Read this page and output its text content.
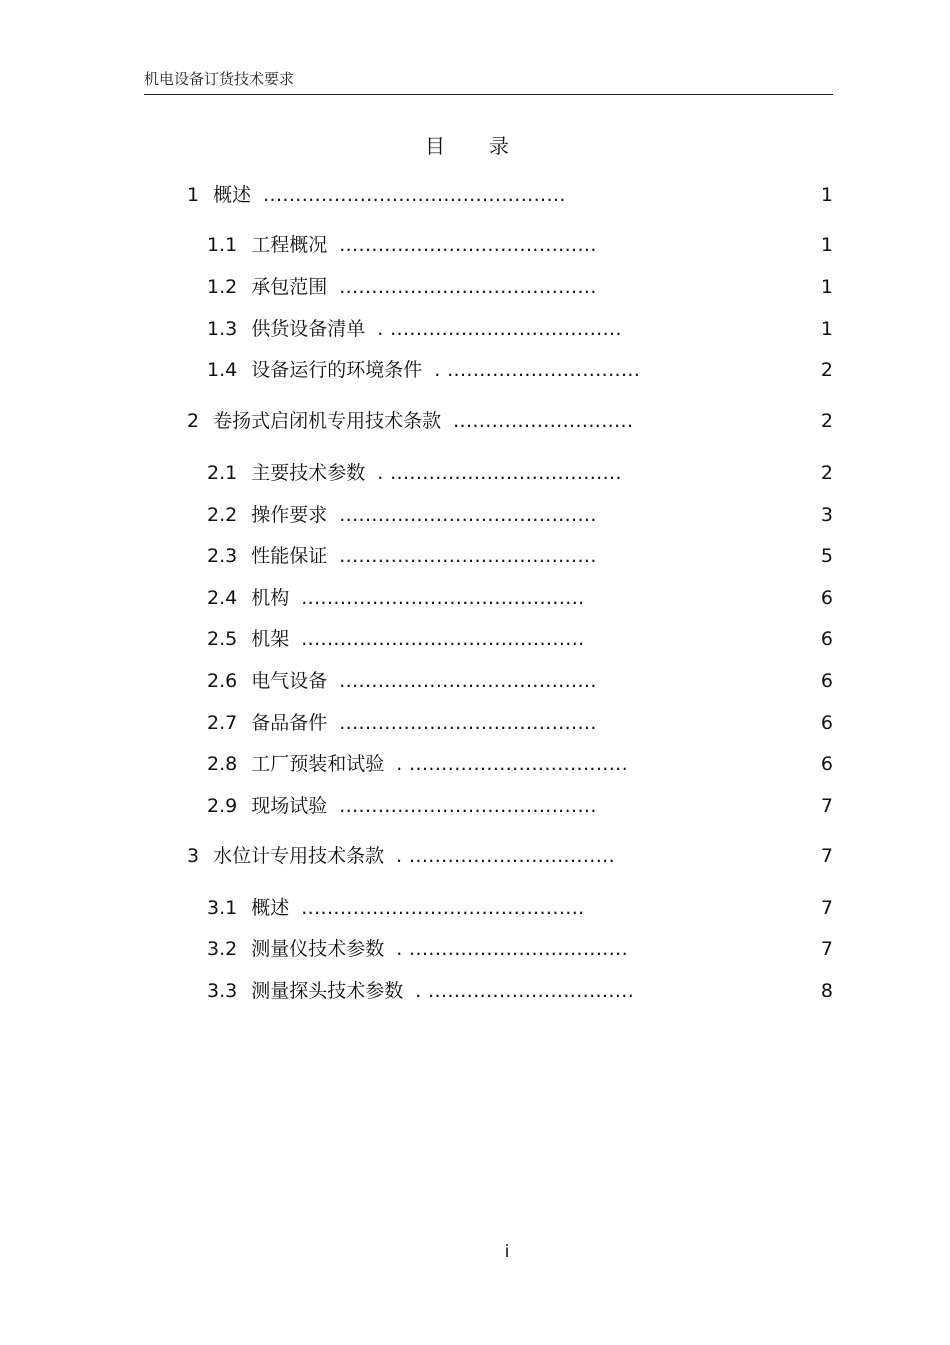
机电设备订货技术要求
目录
1 概述 ...............................................	1
1.1 工程概况 ........................................	1
1.2 承包范围 ........................................	1
1.3 供货设备清单 . ....................................	1
1.4 设备运行的环境条件 . ..............................	2
2 卷扬式启闭机专用技术条款 ............................	2
2.1 主要技术参数 . ....................................	2
2.2 操作要求 ........................................	3
2.3 性能保证 ........................................	5
2.4 机构 ............................................	6
2.5 机架 ............................................	6
2.6 电气设备 ........................................	6
2.7 备品备件 ........................................	6
2.8 工厂预装和试验 . ..................................	6
2.9 现场试验 ........................................	7
3 水位计专用技术条款 . ................................	7
3.1 概述 ............................................	7
3.2 测量仪技术参数 . ..................................	7
3.3 测量探头技术参数 . ................................	8
i
